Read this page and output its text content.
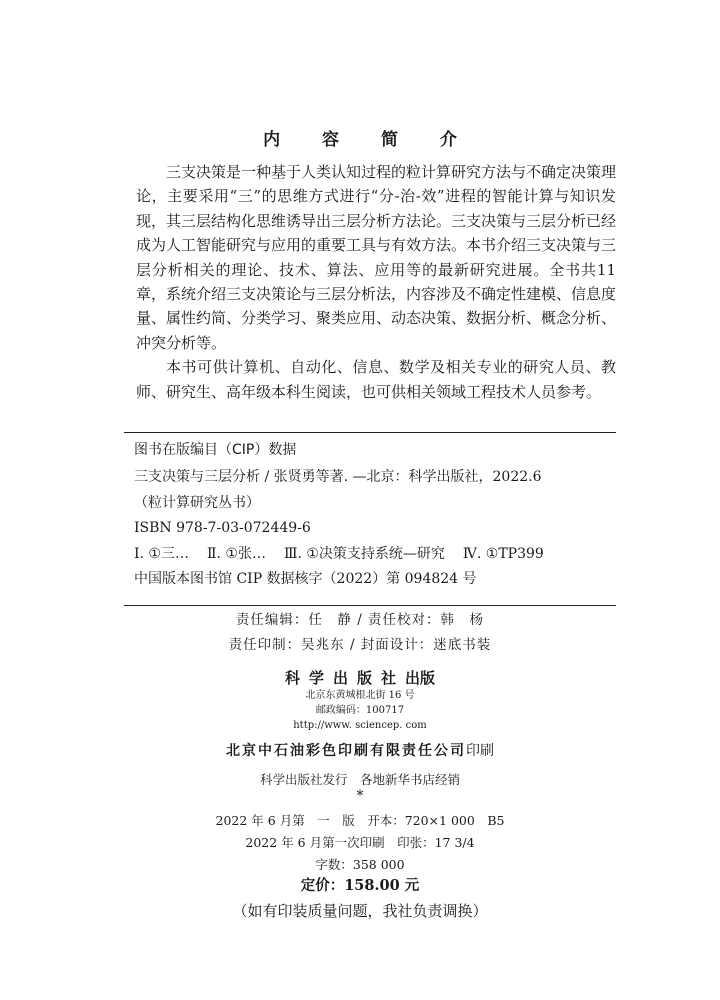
内 容 简 介

三支决策是一种基于人类认知过程的粒计算研究方法与不确定决策理论，主要采用“三”的思维方式进行“分-治-效”进程的智能计算与知识发现，其三层结构化思维诱导出三层分析方法论。三支决策与三层分析已经成为人工智能研究与应用的重要工具与有效方法。本书介绍三支决策与三层分析相关的理论、技术、算法、应用等的最新研究进展。全书共11章，系统介绍三支决策论与三层分析法，内容涉及不确定性建模、信息度量、属性约简、分类学习、聚类应用、动态决策、数据分析、概念分析、冲突分析等。

本书可供计算机、自动化、信息、数学及相关专业的研究人员、教师、研究生、高年级本科生阅读，也可供相关领域工程技术人员参考。

图书在版编目（CIP）数据
三支决策与三层分析 / 张贤勇等著. —北京：科学出版社，2022.6
（粒计算研究丛书）
ISBN 978-7-03-072449-6
Ⅰ. ①三… Ⅱ. ①张… Ⅲ. ①决策支持系统—研究 Ⅳ. ①TP399
中国版本图书馆 CIP 数据核字（2022）第 094824 号
责任编辑：任　静 / 责任校对：韩　杨
责任印制：吴兆东 / 封面设计：迷底书装
科学出版社出版
北京东黄城根北街 16 号
邮政编码：100717
http://www. sciencep. com
北京中石油彩色印刷有限责任公司印刷
科学出版社发行　各地新华书店经销
*
2022 年 6 月第　一　版　开本：720×1 000　B5
2022 年 6 月第一次印刷　印张：17 3/4
字数：358 000
定价：158.00 元
（如有印装质量问题，我社负责调换）
